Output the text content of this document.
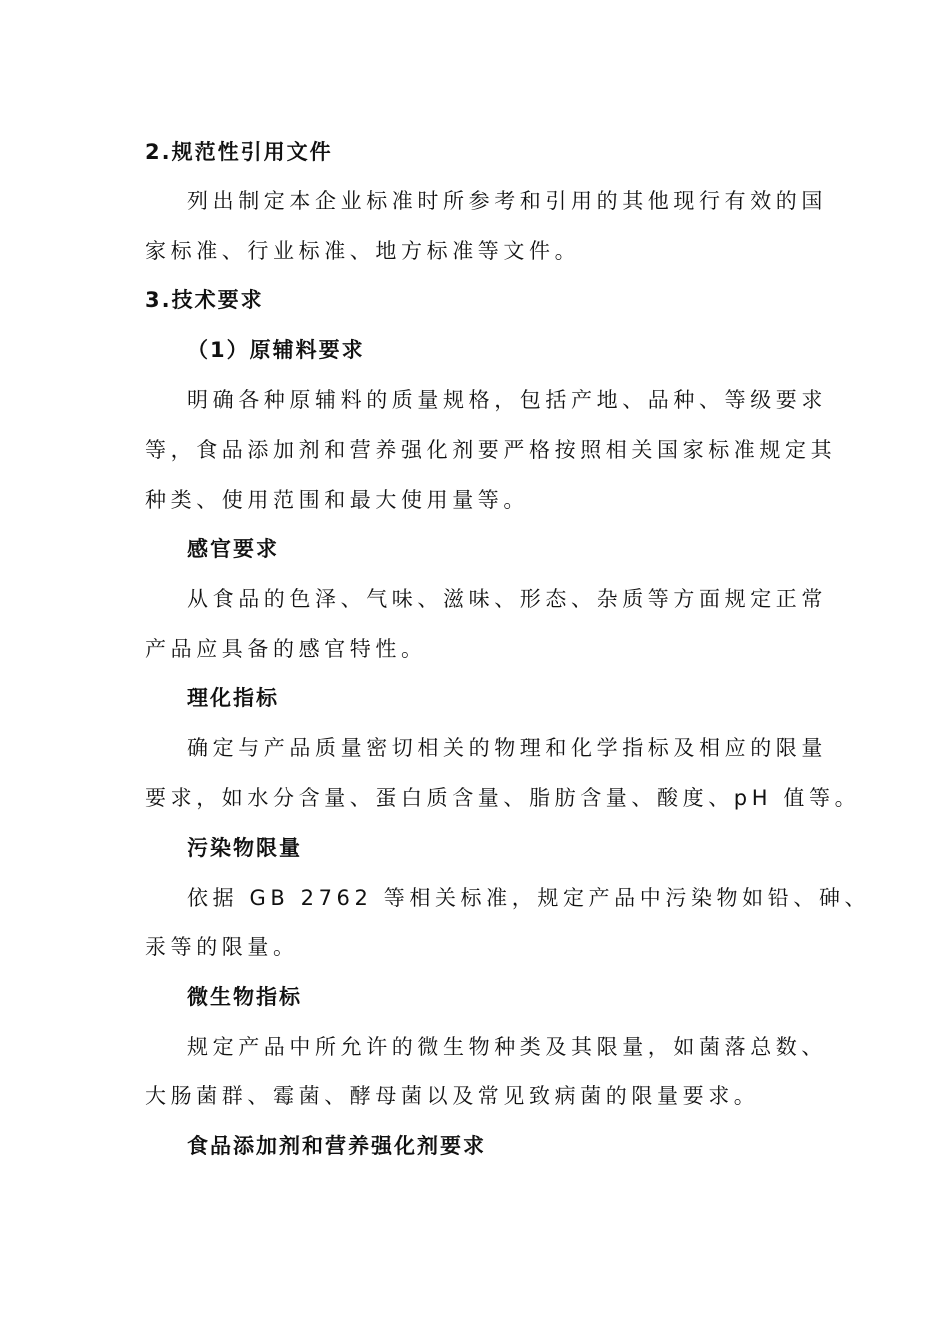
2.规范性引用文件
列出制定本企业标准时所参考和引用的其他现行有效的国
家标准、行业标准、地方标准等文件。
3.技术要求
（1）原辅料要求
明确各种原辅料的质量规格，包括产地、品种、等级要求
等，食品添加剂和营养强化剂要严格按照相关国家标准规定其
种类、使用范围和最大使用量等。
感官要求
从食品的色泽、气味、滋味、形态、杂质等方面规定正常
产品应具备的感官特性。
理化指标
确定与产品质量密切相关的物理和化学指标及相应的限量
要求，如水分含量、蛋白质含量、脂肪含量、酸度、pH 值等。
污染物限量
依据 GB 2762 等相关标准，规定产品中污染物如铅、砷、
汞等的限量。
微生物指标
规定产品中所允许的微生物种类及其限量，如菌落总数、
大肠菌群、霉菌、酵母菌以及常见致病菌的限量要求。
食品添加剂和营养强化剂要求
